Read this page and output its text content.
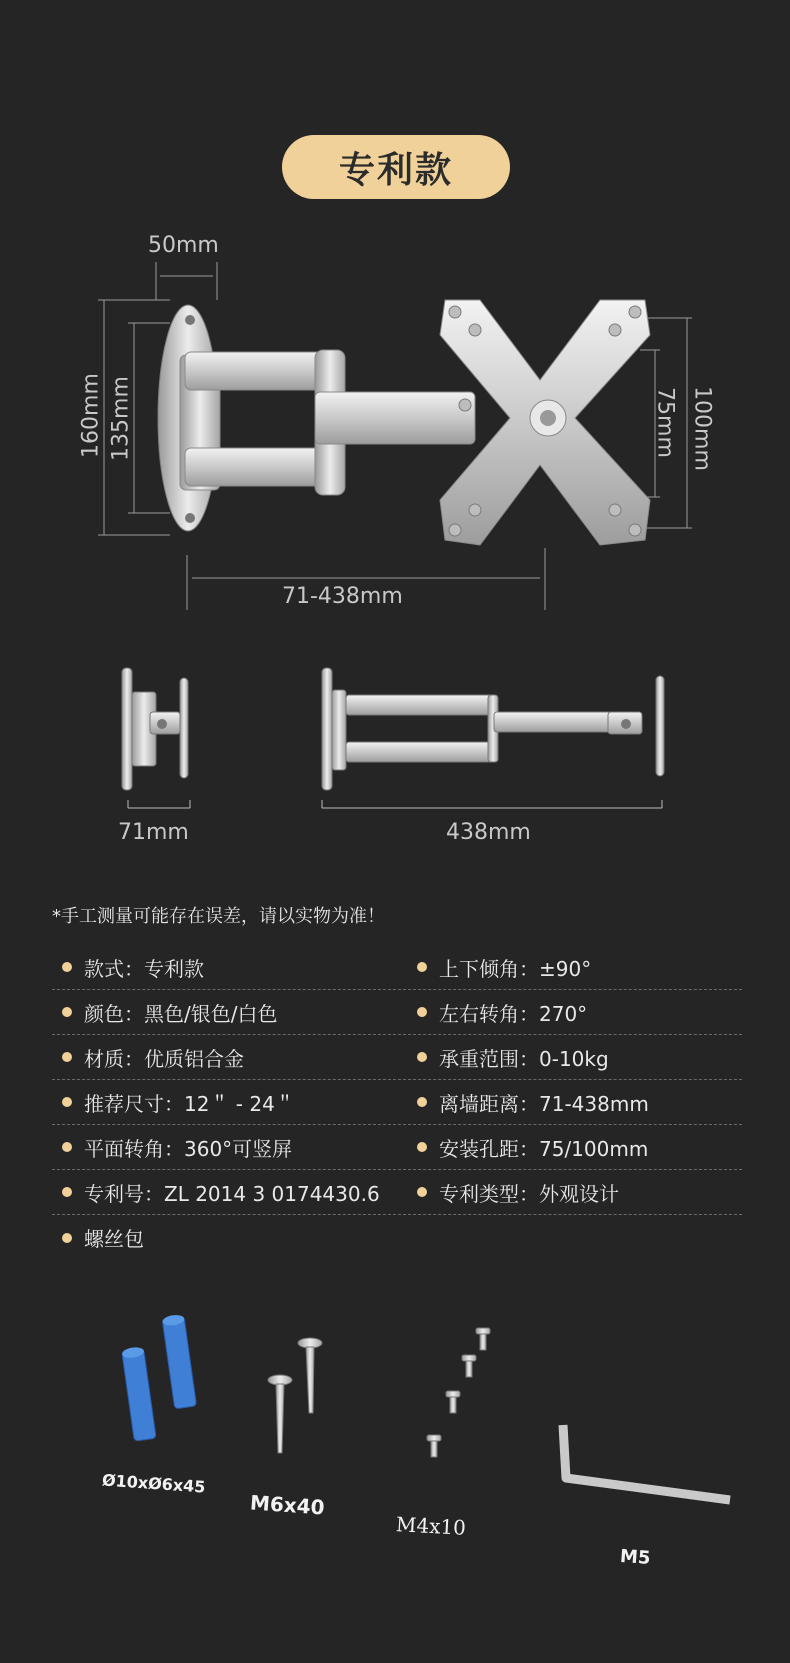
专利款
50mm
160mm 135mm
71-438mm
75mm 100mm
71mm	438mm
*手工测量可能存在误差，请以实物为准！
款式：专利款	上下倾角：±90°
颜色：黑色/银色/白色	左右转角：270°
材质：优质铝合金	承重范围：0-10kg
推荐尺寸：12＂ - 24＂	离墙距离：71-438mm
平面转角：360°可竖屏	安装孔距：75/100mm
专利号：ZL 2014 3 0174430.6	专利类型：外观设计
螺丝包
Ø10xØ6x45
M6x40
M4x10
M5
